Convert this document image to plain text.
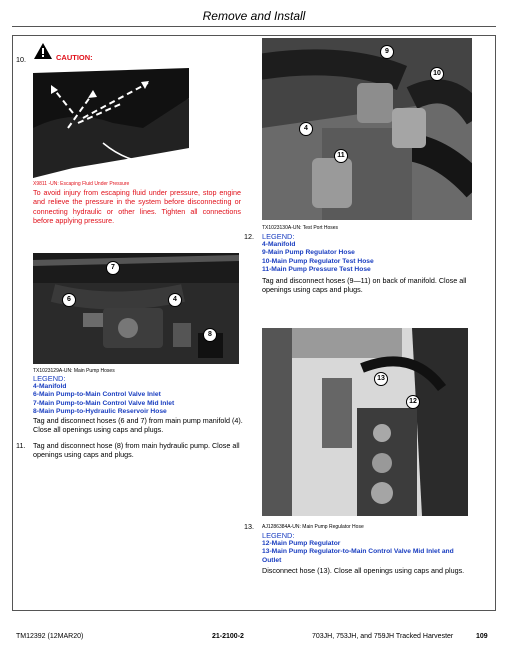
Remove and Install
10.	CAUTION:
X9811 -UN: Escaping Fluid Under Pressure
To avoid injury from escaping fluid under pressure, stop engine and relieve the pressure in the system before disconnecting or connecting hydraulic or other lines. Tighten all connections before applying pressure.
7
6	4
8
TX1023129A-UN: Main Pump Hoses
LEGEND:
4-Manifold
6-Main Pump-to-Main Control Valve Inlet
7-Main Pump-to-Main Control Valve Mid Inlet
8-Main Pump-to-Hydraulic Reservoir Hose
Tag and disconnect hoses (6 and 7) from main pump manifold (4). Close all openings using caps and plugs.
11. Tag and disconnect hose (8) from main hydraulic pump. Close all openings using caps and plugs.
9
10
4
11
12.
TX1023130A-UN: Test Port Hoses
LEGEND:
4-Manifold
9-Main Pump Regulator Hose
10-Main Pump Regulator Test Hose
11-Main Pump Pressure Test Hose
Tag and disconnect hoses (9—11) on back of manifold. Close all openings using caps and plugs.
13
12
13. AJ1286384A-UN: Main Pump Regulator Hose
LEGEND:
12-Main Pump Regulator
13-Main Pump Regulator-to-Main Control Valve Mid Inlet and Outlet
Disconnect hose (13). Close all openings using caps and plugs.
TM12392 (12MAR20)	21-2100-2	703JH, 753JH, and 759JH Tracked Harvester	109
